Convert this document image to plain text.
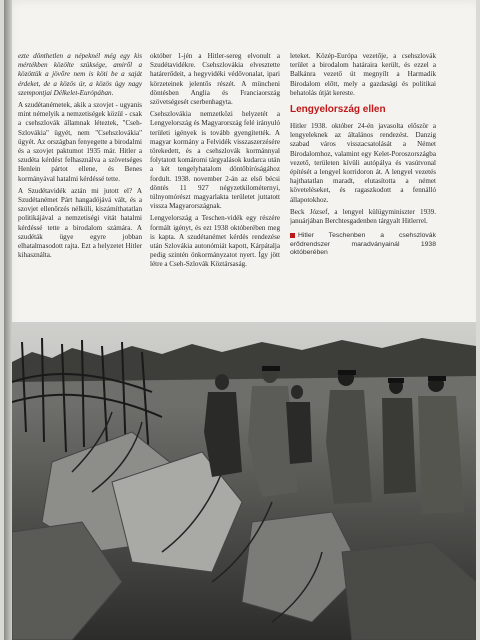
ezte dönthetlen a népeknél még egy kis mértékben közölte szüksége, amiről a közöttük a jövőre nem is köti be a saját érdeket, de a közös úr, a közös ügy nagy szempontjai Délkelet-Európában.

A szudétanémetek, akik a szovjet - ugyanis mint némelyik a nemzetiségek közül - csak a csehszlovák államnak léteztek, "Cseh-Szlovákia" ügyét, nem "Csehszlovákia" ügyét. Az országban fenyegette a birodalmi és a szovjet paktumot 1935 már. Hitler a szudéta kérdést felhasználva a szövetséges Henlein pártot ellene, és Benes kormányával hatalmi kérdéssé tette.

A Szudétavidék aztán mi jutott el? A Szudétanémet Párt hangadójává vált, és a szovjet ellenőrzés nélküli, kiszámíthatatlan politikájával a nemzetiségi vitát hatalmi kérdéssé tette a birodalom számára. A szudéták ügye egyre jobban elhatalmasodott rajta. Ezt a helyzetet Hitler kihasználta.

október 1-jén a Hitler-sereg elvonult a Szudétavidékre. Csehszlovákia elvesztette határerődeit, a hegyvidéki védővonalat, ipari körzeteinek jelentős részét. A müncheni döntésben Anglia és Franciaország szövetségesét cserbenhagyta.

Csehszlovákia nemzetközi helyzetét a Lengyelország és Magyarország felé irányuló területi igények is tovább gyengítették. A magyar kormány a Felvidék visszaszerzésére törekedett, és a csehszlovák kormánnyal folytatott komáromi tárgyalások kudarca után a két tengelyhatalom döntőbíróságához fordult. 1938. november 2-án az első bécsi döntés 11 927 négyzetkilométernyi, túlnyomórészt magyarlakta területet juttatott vissza Magyarországnak.

Lengyelország a Teschen-vidék egy részére formált igényt, és ezt 1938 októberében meg is kapta. A szudétanémet kérdés rendezése után Szlovákia autonómiát kapott, Kárpátalja pedig szintén önkormányzatot nyert. Így jött létre a Cseh-Szlovák Köztársaság.

leteket. Közép-Európa vezetője, a csehszlovák terület a birodalom határaira került, és ezzel a Balkánra vezető út megnyílt a Harmadik Birodalom előtt, mely a gazdasági és politikai behatolás útját kereste.

Lengyelország ellen

Hitler 1938. október 24-én javasolta először a lengyeleknek az általános rendezést. Danzig szabad város visszacsatolását a Német Birodalomhoz, valamint egy Kelet-Poroszországba vezető, területen kívüli autópálya és vasútvonal építését a lengyel korridoron át. A lengyel vezetés hajthatatlan maradt, elutasította a német követeléseket, és ragaszkodott a fennálló állapotokhoz.

Beck József, a lengyel külügyminiszter 1939. januárjában Berchtesgadenben tárgyalt Hitlerrel.

Hitler Teschenben a csehszlovák erődrendszer maradványainál 1938 októberében
